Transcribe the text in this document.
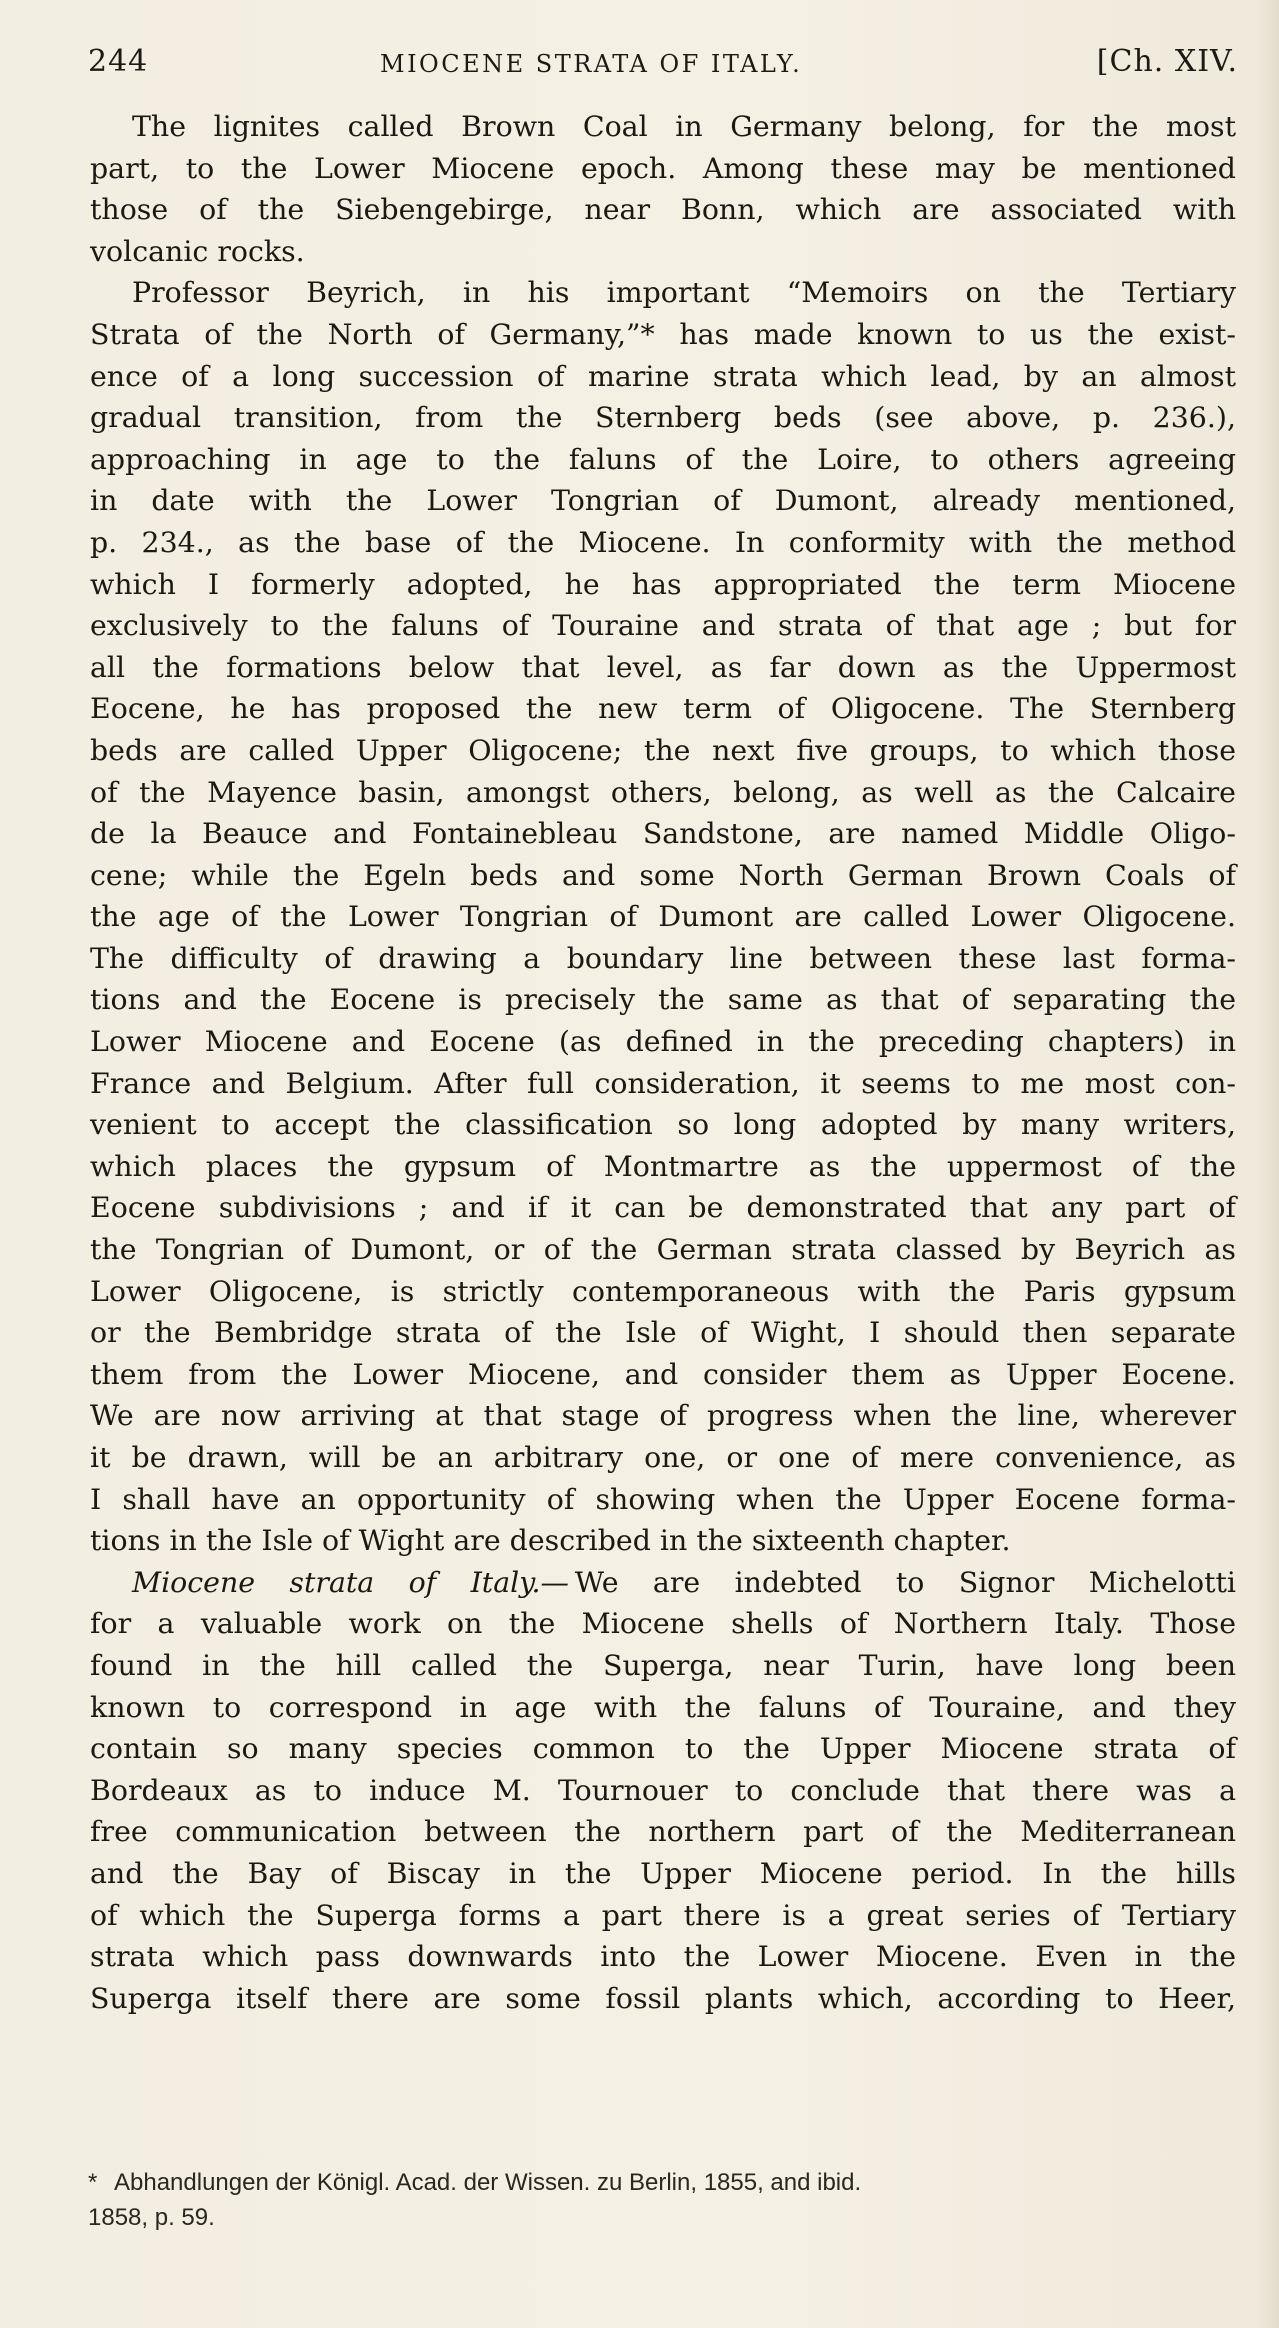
244	MIOCENE STRATA OF ITALY.	[Ch. XIV.
The lignites called Brown Coal in Germany belong, for the most
part, to the Lower Miocene epoch. Among these may be mentioned
those of the Siebengebirge, near Bonn, which are associated with
volcanic rocks.
Professor Beyrich, in his important “Memoirs on the Tertiary
Strata of the North of Germany,”* has made known to us the exist-
ence of a long succession of marine strata which lead, by an almost
gradual transition, from the Sternberg beds (see above, p. 236.),
approaching in age to the faluns of the Loire, to others agreeing
in date with the Lower Tongrian of Dumont, already mentioned,
p. 234., as the base of the Miocene. In conformity with the method
which I formerly adopted, he has appropriated the term Miocene
exclusively to the faluns of Touraine and strata of that age ; but for
all the formations below that level, as far down as the Uppermost
Eocene, he has proposed the new term of Oligocene. The Sternberg
beds are called Upper Oligocene; the next five groups, to which those
of the Mayence basin, amongst others, belong, as well as the Calcaire
de la Beauce and Fontainebleau Sandstone, are named Middle Oligo-
cene; while the Egeln beds and some North German Brown Coals of
the age of the Lower Tongrian of Dumont are called Lower Oligocene.
The difficulty of drawing a boundary line between these last forma-
tions and the Eocene is precisely the same as that of separating the
Lower Miocene and Eocene (as defined in the preceding chapters) in
France and Belgium. After full consideration, it seems to me most con-
venient to accept the classification so long adopted by many writers,
which places the gypsum of Montmartre as the uppermost of the
Eocene subdivisions ; and if it can be demonstrated that any part of
the Tongrian of Dumont, or of the German strata classed by Beyrich as
Lower Oligocene, is strictly contemporaneous with the Paris gypsum
or the Bembridge strata of the Isle of Wight, I should then separate
them from the Lower Miocene, and consider them as Upper Eocene.
We are now arriving at that stage of progress when the line, wherever
it be drawn, will be an arbitrary one, or one of mere convenience, as
I shall have an opportunity of showing when the Upper Eocene forma-
tions in the Isle of Wight are described in the sixteenth chapter.
Miocene strata of Italy.— We are indebted to Signor Michelotti
for a valuable work on the Miocene shells of Northern Italy. Those
found in the hill called the Superga, near Turin, have long been
known to correspond in age with the faluns of Touraine, and they
contain so many species common to the Upper Miocene strata of
Bordeaux as to induce M. Tournouer to conclude that there was a
free communication between the northern part of the Mediterranean
and the Bay of Biscay in the Upper Miocene period. In the hills
of which the Superga forms a part there is a great series of Tertiary
strata which pass downwards into the Lower Miocene. Even in the
Superga itself there are some fossil plants which, according to Heer,
* Abhandlungen der Königl. Acad. der Wissen. zu Berlin, 1855, and ibid.
1858, p. 59.
